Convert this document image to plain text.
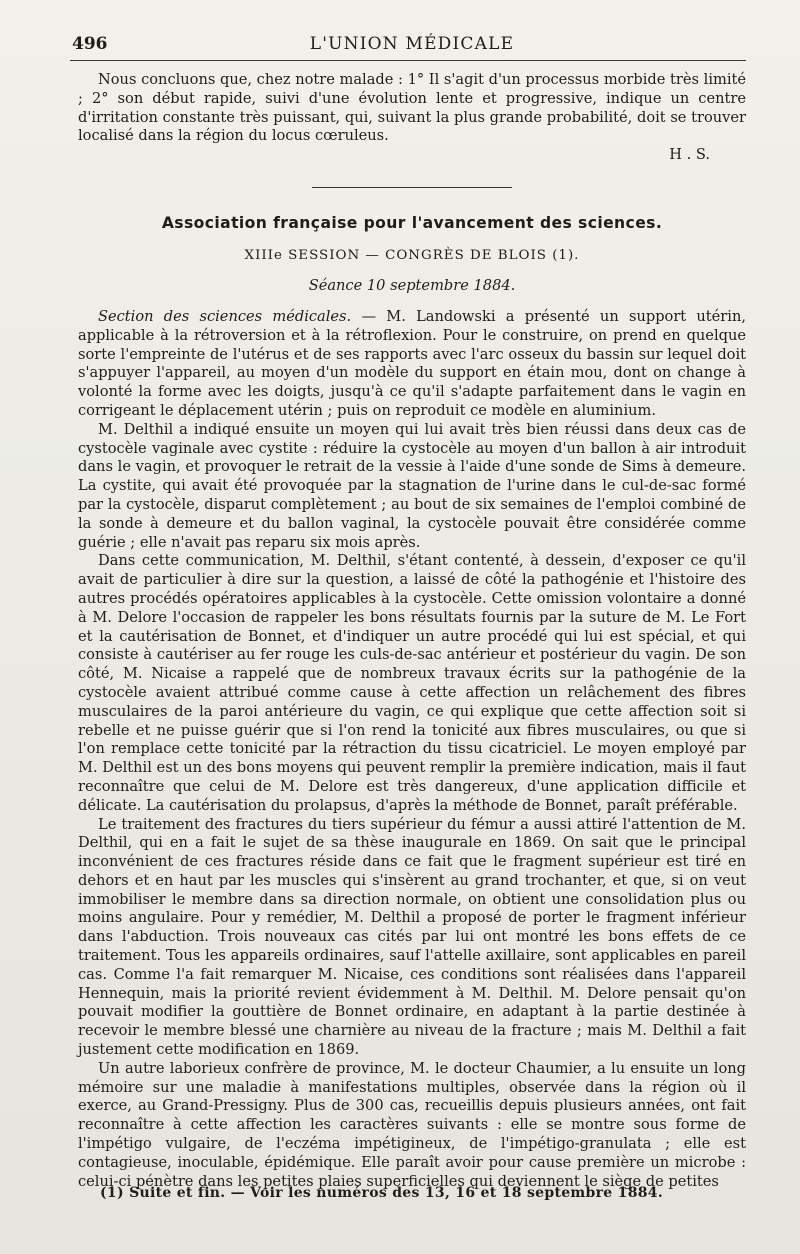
496	L'UNION MÉDICALE

Nous concluons que, chez notre malade : 1° Il s'agit d'un processus morbide très limité ; 2° son début rapide, suivi d'une évolution lente et progressive, indique un centre d'irritation constante très puissant, qui, suivant la plus grande probabilité, doit se trouver localisé dans la région du locus cœruleus.

H . S.

Association française pour l'avancement des sciences.
XIIIe SESSION — CONGRÈS DE BLOIS (1).
Séance 10 septembre 1884.

Section des sciences médicales. — M. Landowski a présenté un support utérin, applicable à la rétroversion et à la rétroflexion. Pour le construire, on prend en quelque sorte l'empreinte de l'utérus et de ses rapports avec l'arc osseux du bassin sur lequel doit s'appuyer l'appareil, au moyen d'un modèle du support en étain mou, dont on change à volonté la forme avec les doigts, jusqu'à ce qu'il s'adapte parfaitement dans le vagin en corrigeant le déplacement utérin ; puis on reproduit ce modèle en aluminium.

M. Delthil a indiqué ensuite un moyen qui lui avait très bien réussi dans deux cas de cystocèle vaginale avec cystite : réduire la cystocèle au moyen d'un ballon à air introduit dans le vagin, et provoquer le retrait de la vessie à l'aide d'une sonde de Sims à demeure. La cystite, qui avait été provoquée par la stagnation de l'urine dans le cul-de-sac formé par la cystocèle, disparut complètement ; au bout de six semaines de l'emploi combiné de la sonde à demeure et du ballon vaginal, la cystocèle pouvait être considérée comme guérie ; elle n'avait pas reparu six mois après.

Dans cette communication, M. Delthil, s'étant contenté, à dessein, d'exposer ce qu'il avait de particulier à dire sur la question, a laissé de côté la pathogénie et l'histoire des autres procédés opératoires applicables à la cystocèle. Cette omission volontaire a donné à M. Delore l'occasion de rappeler les bons résultats fournis par la suture de M. Le Fort et la cautérisation de Bonnet, et d'indiquer un autre procédé qui lui est spécial, et qui consiste à cautériser au fer rouge les culs-de-sac antérieur et postérieur du vagin. De son côté, M. Nicaise a rappelé que de nombreux travaux écrits sur la pathogénie de la cystocèle avaient attribué comme cause à cette affection un relâchement des fibres musculaires de la paroi antérieure du vagin, ce qui explique que cette affection soit si rebelle et ne puisse guérir que si l'on rend la tonicité aux fibres musculaires, ou que si l'on remplace cette tonicité par la rétraction du tissu cicatriciel. Le moyen employé par M. Delthil est un des bons moyens qui peuvent remplir la première indication, mais il faut reconnaître que celui de M. Delore est très dangereux, d'une application difficile et délicate. La cautérisation du prolapsus, d'après la méthode de Bonnet, paraît préférable.

Le traitement des fractures du tiers supérieur du fémur a aussi attiré l'attention de M. Delthil, qui en a fait le sujet de sa thèse inaugurale en 1869. On sait que le principal inconvénient de ces fractures réside dans ce fait que le fragment supérieur est tiré en dehors et en haut par les muscles qui s'insèrent au grand trochanter, et que, si on veut immobiliser le membre dans sa direction normale, on obtient une consolidation plus ou moins angulaire. Pour y remédier, M. Delthil a proposé de porter le fragment inférieur dans l'abduction. Trois nouveaux cas cités par lui ont montré les bons effets de ce traitement. Tous les appareils ordinaires, sauf l'attelle axillaire, sont applicables en pareil cas. Comme l'a fait remarquer M. Nicaise, ces conditions sont réalisées dans l'appareil Hennequin, mais la priorité revient évidemment à M. Delthil. M. Delore pensait qu'on pouvait modifier la gouttière de Bonnet ordinaire, en adaptant à la partie destinée à recevoir le membre blessé une charnière au niveau de la fracture ; mais M. Delthil a fait justement cette modification en 1869.

Un autre laborieux confrère de province, M. le docteur Chaumier, a lu ensuite un long mémoire sur une maladie à manifestations multiples, observée dans la région où il exerce, au Grand-Pressigny. Plus de 300 cas, recueillis depuis plusieurs années, ont fait reconnaître à cette affection les caractères suivants : elle se montre sous forme de l'impétigo vulgaire, de l'eczéma impétigineux, de l'impétigo-granulata ; elle est contagieuse, inoculable, épidémique. Elle paraît avoir pour cause première un microbe : celui-ci pénètre dans les petites plaies superficielles qui deviennent le siège de petites

(1) Suite et fin. — Voir les numéros des 13, 16 et 18 septembre 1884.
